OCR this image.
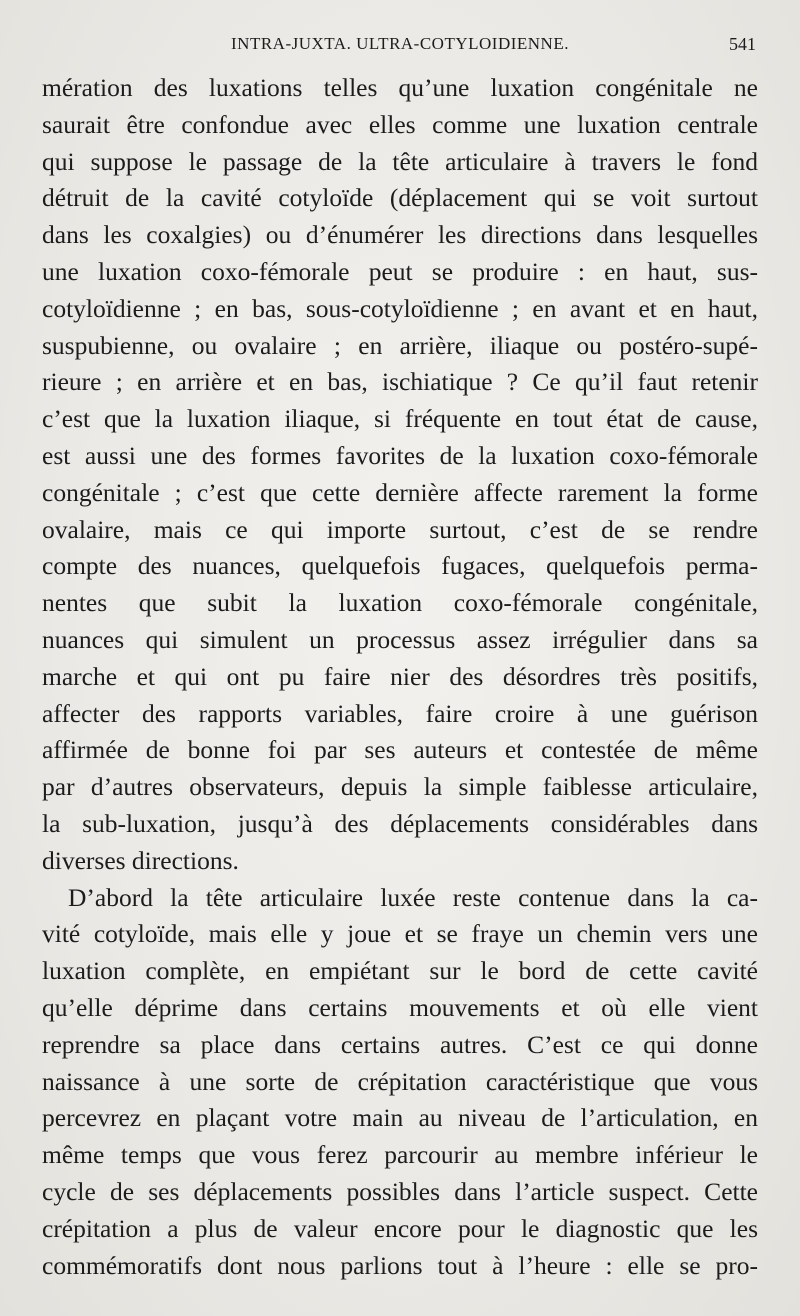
INTRA-JUXTA. ULTRA-COTYLOIDIENNE.	541
mération des luxations telles qu’une luxation congénitale ne
saurait être confondue avec elles comme une luxation centrale
qui suppose le passage de la tête articulaire à travers le fond
détruit de la cavité cotyloïde (déplacement qui se voit surtout
dans les coxalgies) ou d’énumérer les directions dans lesquelles
une luxation coxo-fémorale peut se produire : en haut, sus-
cotyloïdienne ; en bas, sous-cotyloïdienne ; en avant et en haut,
suspubienne, ou ovalaire ; en arrière, iliaque ou postéro-supé-
rieure ; en arrière et en bas, ischiatique ? Ce qu’il faut retenir
c’est que la luxation iliaque, si fréquente en tout état de cause,
est aussi une des formes favorites de la luxation coxo-fémorale
congénitale ; c’est que cette dernière affecte rarement la forme
ovalaire, mais ce qui importe surtout, c’est de se rendre
compte des nuances, quelquefois fugaces, quelquefois perma-
nentes que subit la luxation coxo-fémorale congénitale,
nuances qui simulent un processus assez irrégulier dans sa
marche et qui ont pu faire nier des désordres très positifs,
affecter des rapports variables, faire croire à une guérison
affirmée de bonne foi par ses auteurs et contestée de même
par d’autres observateurs, depuis la simple faiblesse articulaire,
la sub-luxation, jusqu’à des déplacements considérables dans
diverses directions.
D’abord la tête articulaire luxée reste contenue dans la ca-
vité cotyloïde, mais elle y joue et se fraye un chemin vers une
luxation complète, en empiétant sur le bord de cette cavité
qu’elle déprime dans certains mouvements et où elle vient
reprendre sa place dans certains autres. C’est ce qui donne
naissance à une sorte de crépitation caractéristique que vous
percevrez en plaçant votre main au niveau de l’articulation, en
même temps que vous ferez parcourir au membre inférieur le
cycle de ses déplacements possibles dans l’article suspect. Cette
crépitation a plus de valeur encore pour le diagnostic que les
commémoratifs dont nous parlions tout à l’heure : elle se pro-
